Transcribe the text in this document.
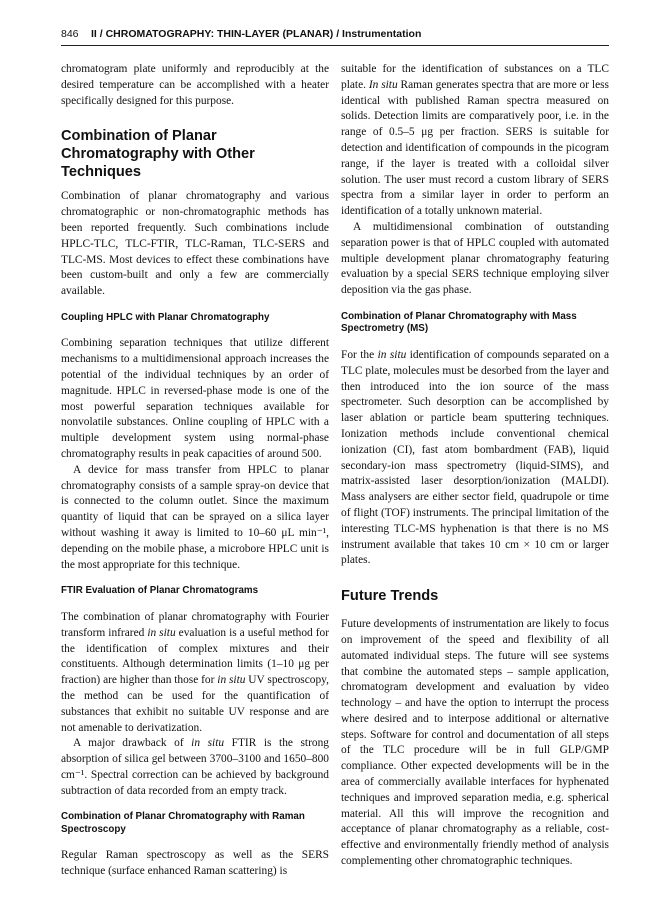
846 II / CHROMATOGRAPHY: THIN-LAYER (PLANAR) / Instrumentation

chromatogram plate uniformly and reproducibly at the desired temperature can be accomplished with a heater specifically designed for this purpose.

Combination of Planar Chromatography with Other Techniques

Combination of planar chromatography and various chromatographic or non-chromatographic methods has been reported frequently. Such combinations include HPLC-TLC, TLC-FTIR, TLC-Raman, TLC-SERS and TLC-MS. Most devices to effect these combinations have been custom-built and only a few are commercially available.

Coupling HPLC with Planar Chromatography

Combining separation techniques that utilize different mechanisms to a multidimensional approach increases the potential of the individual techniques by an order of magnitude. HPLC in reversed-phase mode is one of the most powerful separation techniques available for nonvolatile substances. Online coupling of HPLC with a multiple development system using normal-phase chromatography results in peak capacities of around 500.

A device for mass transfer from HPLC to planar chromatography consists of a sample spray-on device that is connected to the column outlet. Since the maximum quantity of liquid that can be sprayed on a silica layer without washing it away is limited to 10–60 μL min⁻¹, depending on the mobile phase, a microbore HPLC unit is the most appropriate for this technique.

FTIR Evaluation of Planar Chromatograms

The combination of planar chromatography with Fourier transform infrared in situ evaluation is a useful method for the identification of complex mixtures and their constituents. Although determination limits (1–10 μg per fraction) are higher than those for in situ UV spectroscopy, the method can be used for the quantification of substances that exhibit no suitable UV response and are not amenable to derivatization.

A major drawback of in situ FTIR is the strong absorption of silica gel between 3700–3100 and 1650–800 cm⁻¹. Spectral correction can be achieved by background subtraction of data recorded from an empty track.

Combination of Planar Chromatography with Raman Spectroscopy

Regular Raman spectroscopy as well as the SERS technique (surface enhanced Raman scattering) is

suitable for the identification of substances on a TLC plate. In situ Raman generates spectra that are more or less identical with published Raman spectra measured on solids. Detection limits are comparatively poor, i.e. in the range of 0.5–5 μg per fraction. SERS is suitable for detection and identification of compounds in the picogram range, if the layer is treated with a colloidal silver solution. The user must record a custom library of SERS spectra from a similar layer in order to perform an identification of a totally unknown material.

A multidimensional combination of outstanding separation power is that of HPLC coupled with automated multiple development planar chromatography featuring evaluation by a special SERS technique employing silver deposition via the gas phase.

Combination of Planar Chromatography with Mass Spectrometry (MS)

For the in situ identification of compounds separated on a TLC plate, molecules must be desorbed from the layer and then introduced into the ion source of the mass spectrometer. Such desorption can be accomplished by laser ablation or particle beam sputtering techniques. Ionization methods include conventional chemical ionization (CI), fast atom bombardment (FAB), liquid secondary-ion mass spectrometry (liquid-SIMS), and matrix-assisted laser desorption/ionization (MALDI). Mass analysers are either sector field, quadrupole or time of flight (TOF) instruments. The principal limitation of the interesting TLC-MS hyphenation is that there is no MS instrument available that takes 10 cm × 10 cm or larger plates.

Future Trends

Future developments of instrumentation are likely to focus on improvement of the speed and flexibility of all automated individual steps. The future will see systems that combine the automated steps – sample application, chromatogram development and evaluation by video technology – and have the option to interrupt the process where desired and to interpose additional or alternative steps. Software for control and documentation of all steps of the TLC procedure will be in full GLP/GMP compliance. Other expected developments will be in the area of commercially available interfaces for hyphenated techniques and improved separation media, e.g. spherical material. All this will improve the recognition and acceptance of planar chromatography as a reliable, cost-effective and environmentally friendly method of analysis complementing other chromatographic techniques.
